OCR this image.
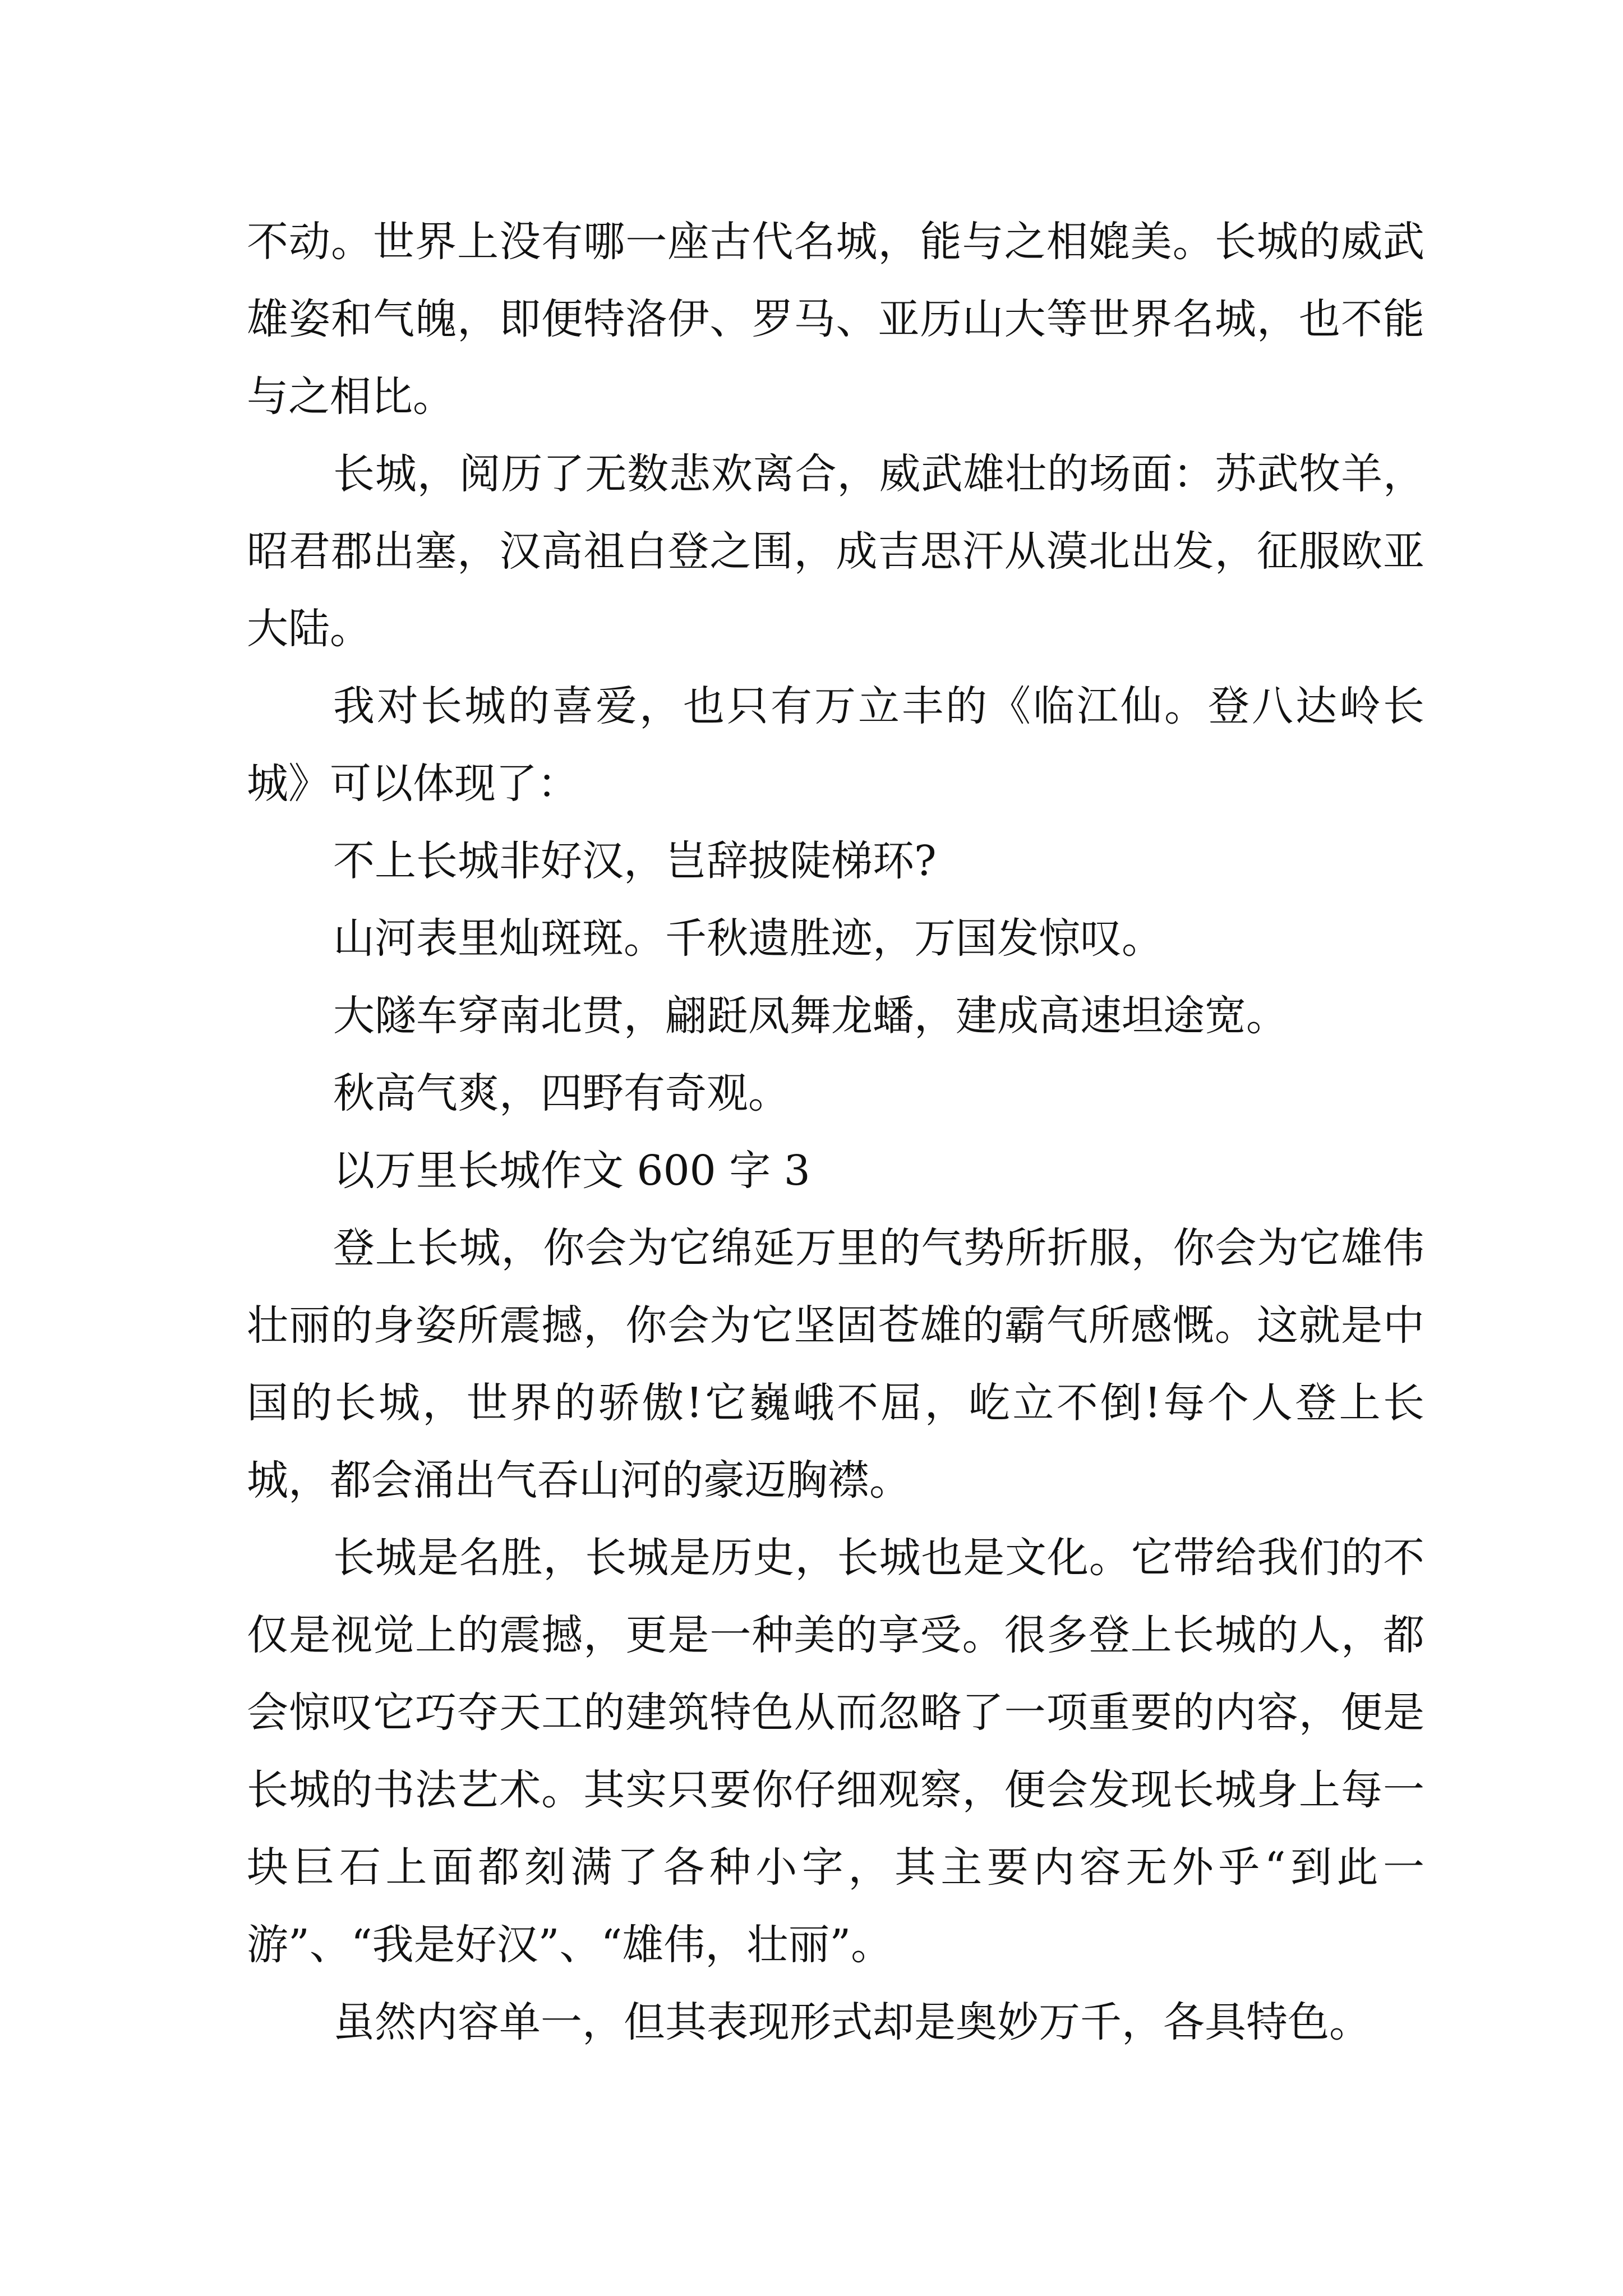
不动。世界上没有哪一座古代名城，能与之相媲美。长城的威武雄姿和气魄，即便特洛伊、罗马、亚历山大等世界名城，也不能与之相比。

长城，阅历了无数悲欢离合，威武雄壮的场面：苏武牧羊，昭君郡出塞，汉高祖白登之围，成吉思汗从漠北出发，征服欧亚大陆。

我对长城的喜爱，也只有万立丰的《临江仙。登八达岭长城》可以体现了：

不上长城非好汉，岂辞披陡梯环?

山河表里灿斑斑。千秋遗胜迹，万国发惊叹。

大隧车穿南北贯，翩跹凤舞龙蟠，建成高速坦途宽。

秋高气爽，四野有奇观。

以万里长城作文 600 字 3

登上长城，你会为它绵延万里的气势所折服，你会为它雄伟壮丽的身姿所震撼，你会为它坚固苍雄的霸气所感慨。这就是中国的长城，世界的骄傲!它巍峨不屈，屹立不倒!每个人登上长城，都会涌出气吞山河的豪迈胸襟。

长城是名胜，长城是历史，长城也是文化。它带给我们的不仅是视觉上的震撼，更是一种美的享受。很多登上长城的人，都会惊叹它巧夺天工的建筑特色从而忽略了一项重要的内容，便是长城的书法艺术。其实只要你仔细观察，便会发现长城身上每一块巨石上面都刻满了各种小字，其主要内容无外乎“到此一游”、“我是好汉”、“雄伟，壮丽”。

虽然内容单一，但其表现形式却是奥妙万千，各具特色。
